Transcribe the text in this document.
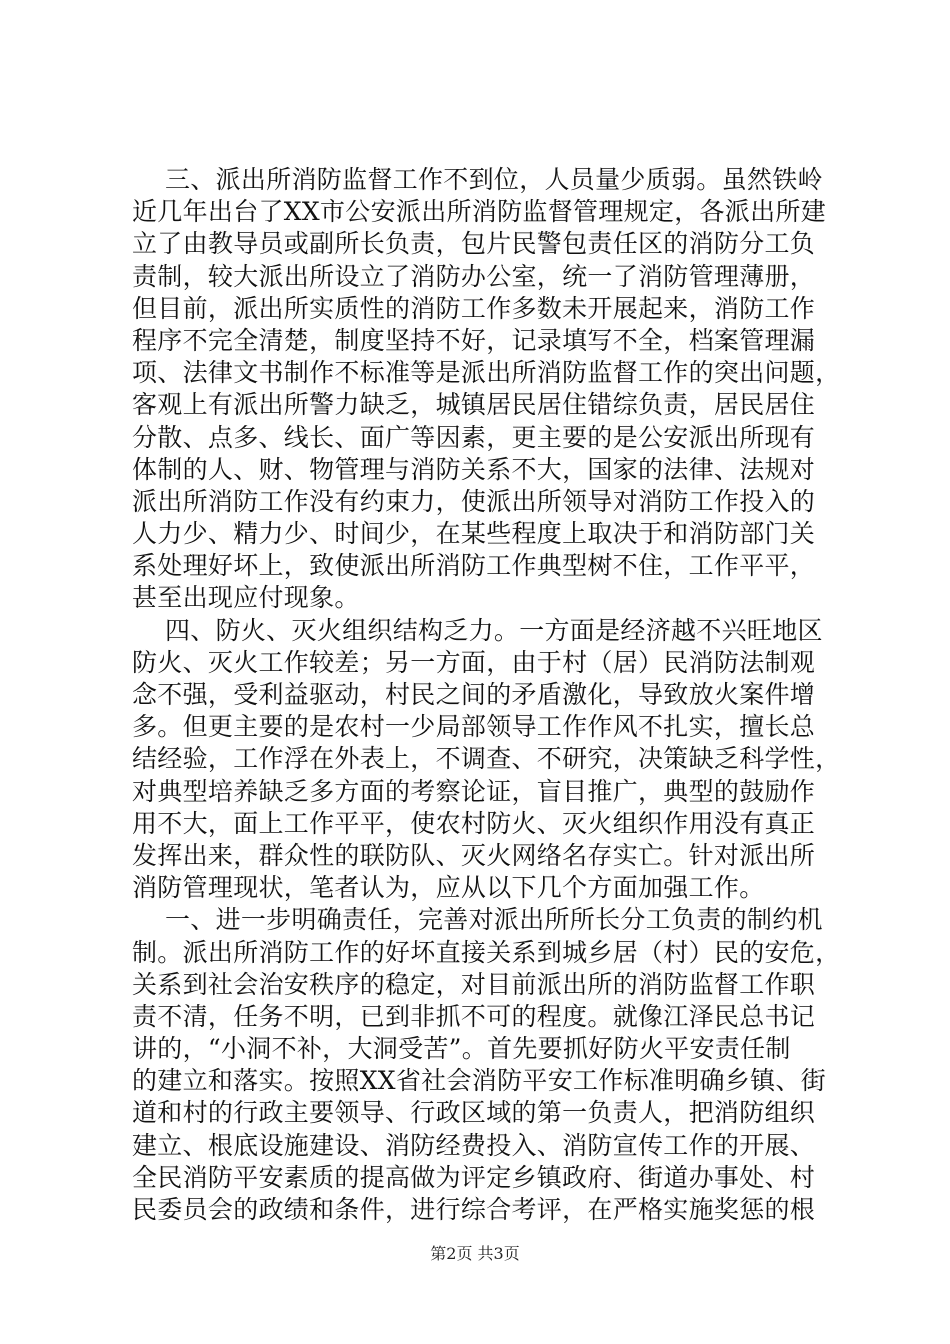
三、派出所消防监督工作不到位，人员量少质弱。虽然铁岭
近几年出台了XX市公安派出所消防监督管理规定，各派出所建
立了由教导员或副所长负责，包片民警包责任区的消防分工负
责制，较大派出所设立了消防办公室，统一了消防管理薄册，
但目前，派出所实质性的消防工作多数未开展起来，消防工作
程序不完全清楚，制度坚持不好，记录填写不全，档案管理漏
项、法律文书制作不标准等是派出所消防监督工作的突出问题，
客观上有派出所警力缺乏，城镇居民居住错综负责，居民居住
分散、点多、线长、面广等因素，更主要的是公安派出所现有
体制的人、财、物管理与消防关系不大，国家的法律、法规对
派出所消防工作没有约束力，使派出所领导对消防工作投入的
人力少、精力少、时间少，在某些程度上取决于和消防部门关
系处理好坏上，致使派出所消防工作典型树不住，工作平平，
甚至出现应付现象。
四、防火、灭火组织结构乏力。一方面是经济越不兴旺地区
防火、灭火工作较差；另一方面，由于村（居）民消防法制观
念不强，受利益驱动，村民之间的矛盾激化，导致放火案件增
多。但更主要的是农村一少局部领导工作作风不扎实，擅长总
结经验，工作浮在外表上，不调查、不研究，决策缺乏科学性，
对典型培养缺乏多方面的考察论证，盲目推广，典型的鼓励作
用不大，面上工作平平，使农村防火、灭火组织作用没有真正
发挥出来，群众性的联防队、灭火网络名存实亡。针对派出所
消防管理现状，笔者认为，应从以下几个方面加强工作。
一、进一步明确责任，完善对派出所所长分工负责的制约机
制。派出所消防工作的好坏直接关系到城乡居（村）民的安危，
关系到社会治安秩序的稳定，对目前派出所的消防监督工作职
责不清，任务不明，已到非抓不可的程度。就像江泽民总书记
讲的，“小洞不补，大洞受苦”。首先要抓好防火平安责任制
的建立和落实。按照XX省社会消防平安工作标准明确乡镇、街
道和村的行政主要领导、行政区域的第一负责人，把消防组织
建立、根底设施建设、消防经费投入、消防宣传工作的开展、
全民消防平安素质的提高做为评定乡镇政府、街道办事处、村
民委员会的政绩和条件，进行综合考评，在严格实施奖惩的根
第2页 共3页
